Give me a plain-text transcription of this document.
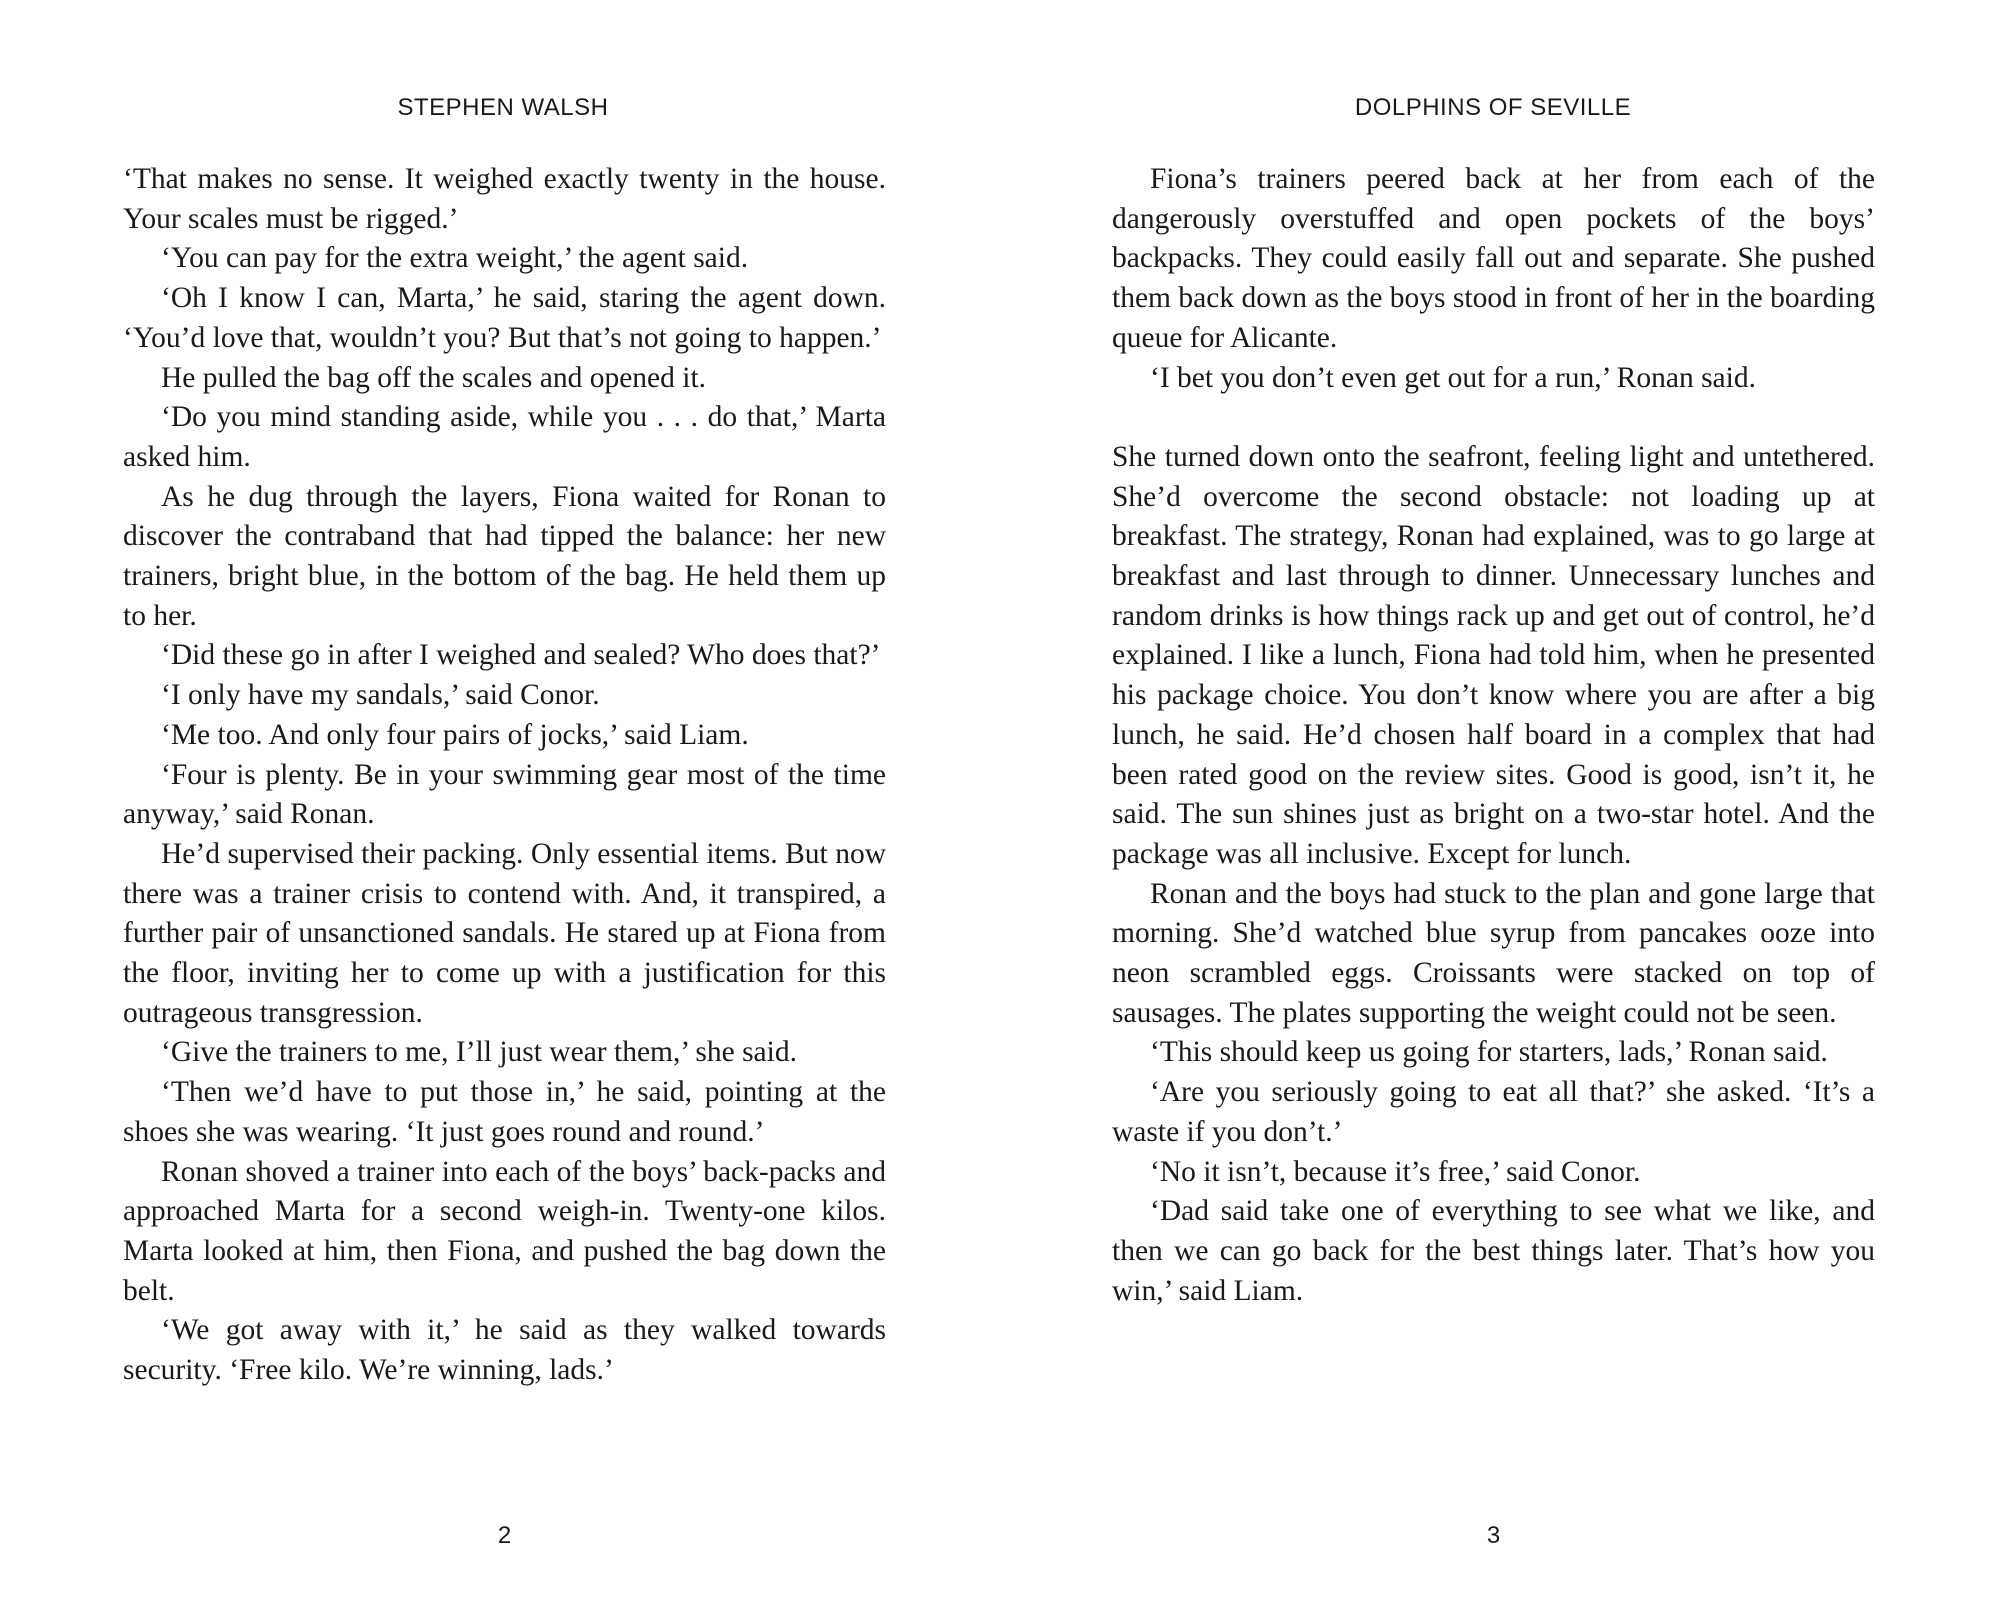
STEPHEN WALSH

‘That makes no sense. It weighed exactly twenty in the house. Your scales must be rigged.’

‘You can pay for the extra weight,’ the agent said.

‘Oh I know I can, Marta,’ he said, staring the agent down. ‘You’d love that, wouldn’t you? But that’s not going to happen.’

He pulled the bag off the scales and opened it.

‘Do you mind standing aside, while you . . . do that,’ Marta asked him.

As he dug through the layers, Fiona waited for Ronan to discover the contraband that had tipped the balance: her new trainers, bright blue, in the bottom of the bag. He held them up to her.

‘Did these go in after I weighed and sealed? Who does that?’

‘I only have my sandals,’ said Conor.

‘Me too. And only four pairs of jocks,’ said Liam.

‘Four is plenty. Be in your swimming gear most of the time anyway,’ said Ronan.

He’d supervised their packing. Only essential items. But now there was a trainer crisis to contend with. And, it transpired, a further pair of unsanctioned sandals. He stared up at Fiona from the floor, inviting her to come up with a justification for this outrageous transgression.

‘Give the trainers to me, I’ll just wear them,’ she said.

‘Then we’d have to put those in,’ he said, pointing at the shoes she was wearing. ‘It just goes round and round.’

Ronan shoved a trainer into each of the boys’ back-packs and approached Marta for a second weigh-in. Twenty-one kilos. Marta looked at him, then Fiona, and pushed the bag down the belt.

‘We got away with it,’ he said as they walked towards security. ‘Free kilo. We’re winning, lads.’

2
DOLPHINS OF SEVILLE

Fiona’s trainers peered back at her from each of the dangerously overstuffed and open pockets of the boys’ backpacks. They could easily fall out and separate. She pushed them back down as the boys stood in front of her in the boarding queue for Alicante.

‘I bet you don’t even get out for a run,’ Ronan said.

She turned down onto the seafront, feeling light and untethered. She’d overcome the second obstacle: not loading up at breakfast. The strategy, Ronan had explained, was to go large at breakfast and last through to dinner. Unnecessary lunches and random drinks is how things rack up and get out of control, he’d explained. I like a lunch, Fiona had told him, when he presented his package choice. You don’t know where you are after a big lunch, he said. He’d chosen half board in a complex that had been rated good on the review sites. Good is good, isn’t it, he said. The sun shines just as bright on a two-star hotel. And the package was all inclusive. Except for lunch.

Ronan and the boys had stuck to the plan and gone large that morning. She’d watched blue syrup from pancakes ooze into neon scrambled eggs. Croissants were stacked on top of sausages. The plates supporting the weight could not be seen.

‘This should keep us going for starters, lads,’ Ronan said.

‘Are you seriously going to eat all that?’ she asked. ‘It’s a waste if you don’t.’

‘No it isn’t, because it’s free,’ said Conor.

‘Dad said take one of everything to see what we like, and then we can go back for the best things later. That’s how you win,’ said Liam.

3
